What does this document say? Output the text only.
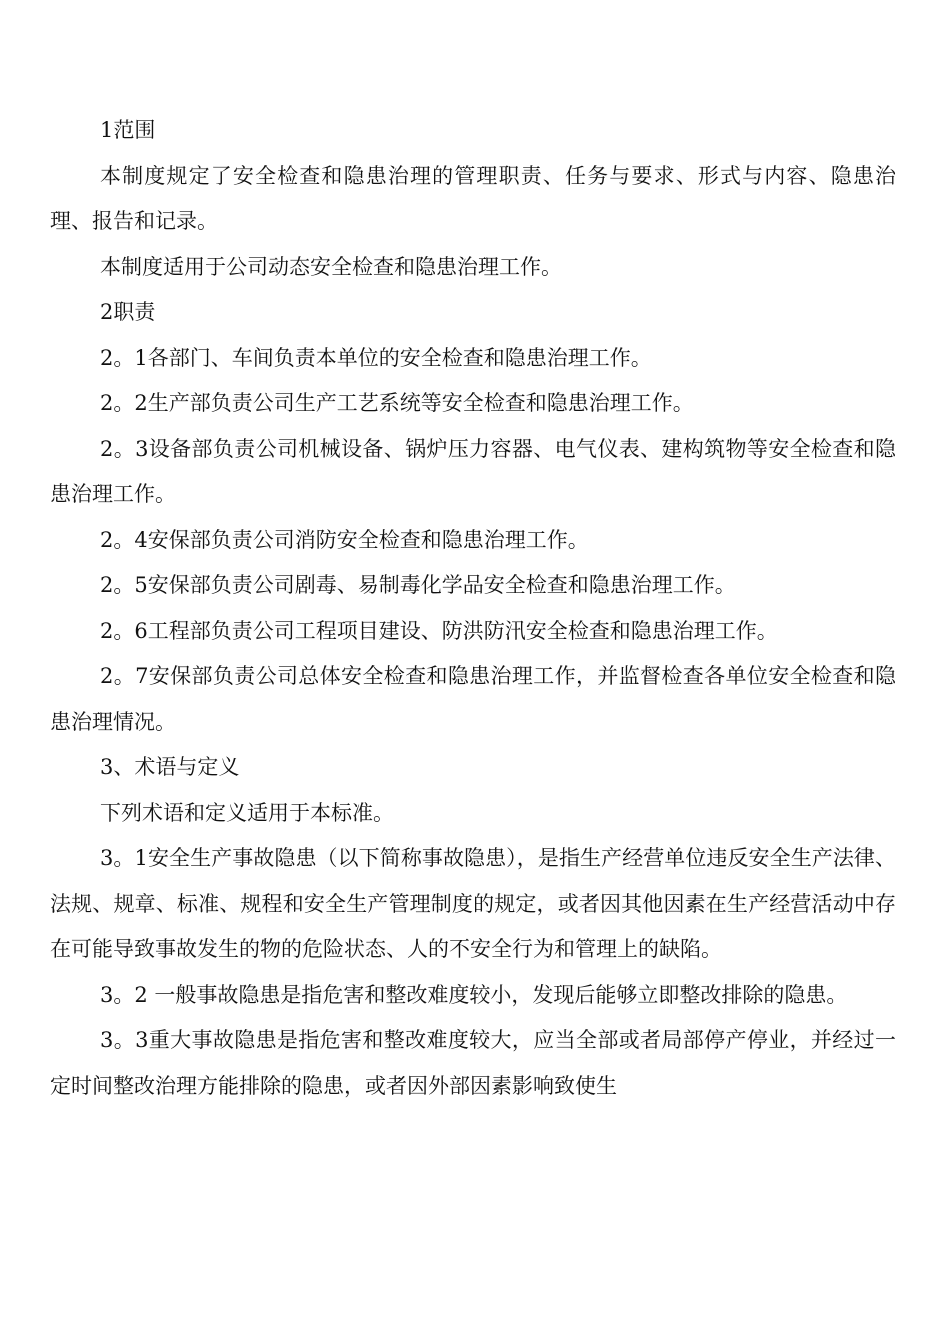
1范围

本制度规定了安全检查和隐患治理的管理职责、任务与要求、形式与内容、隐患治理、报告和记录。

本制度适用于公司动态安全检查和隐患治理工作。

2职责

2。1各部门、车间负责本单位的安全检查和隐患治理工作。

2。2生产部负责公司生产工艺系统等安全检查和隐患治理工作。

2。3设备部负责公司机械设备、锅炉压力容器、电气仪表、建构筑物等安全检查和隐患治理工作。

2。4安保部负责公司消防安全检查和隐患治理工作。

2。5安保部负责公司剧毒、易制毒化学品安全检查和隐患治理工作。

2。6工程部负责公司工程项目建设、防洪防汛安全检查和隐患治理工作。

2。7安保部负责公司总体安全检查和隐患治理工作，并监督检查各单位安全检查和隐患治理情况。

3、术语与定义

下列术语和定义适用于本标准。

3。1安全生产事故隐患（以下简称事故隐患），是指生产经营单位违反安全生产法律、法规、规章、标准、规程和安全生产管理制度的规定，或者因其他因素在生产经营活动中存在可能导致事故发生的物的危险状态、人的不安全行为和管理上的缺陷。

3。2 一般事故隐患是指危害和整改难度较小，发现后能够立即整改排除的隐患。

3。3重大事故隐患是指危害和整改难度较大，应当全部或者局部停产停业，并经过一定时间整改治理方能排除的隐患，或者因外部因素影响致使生
